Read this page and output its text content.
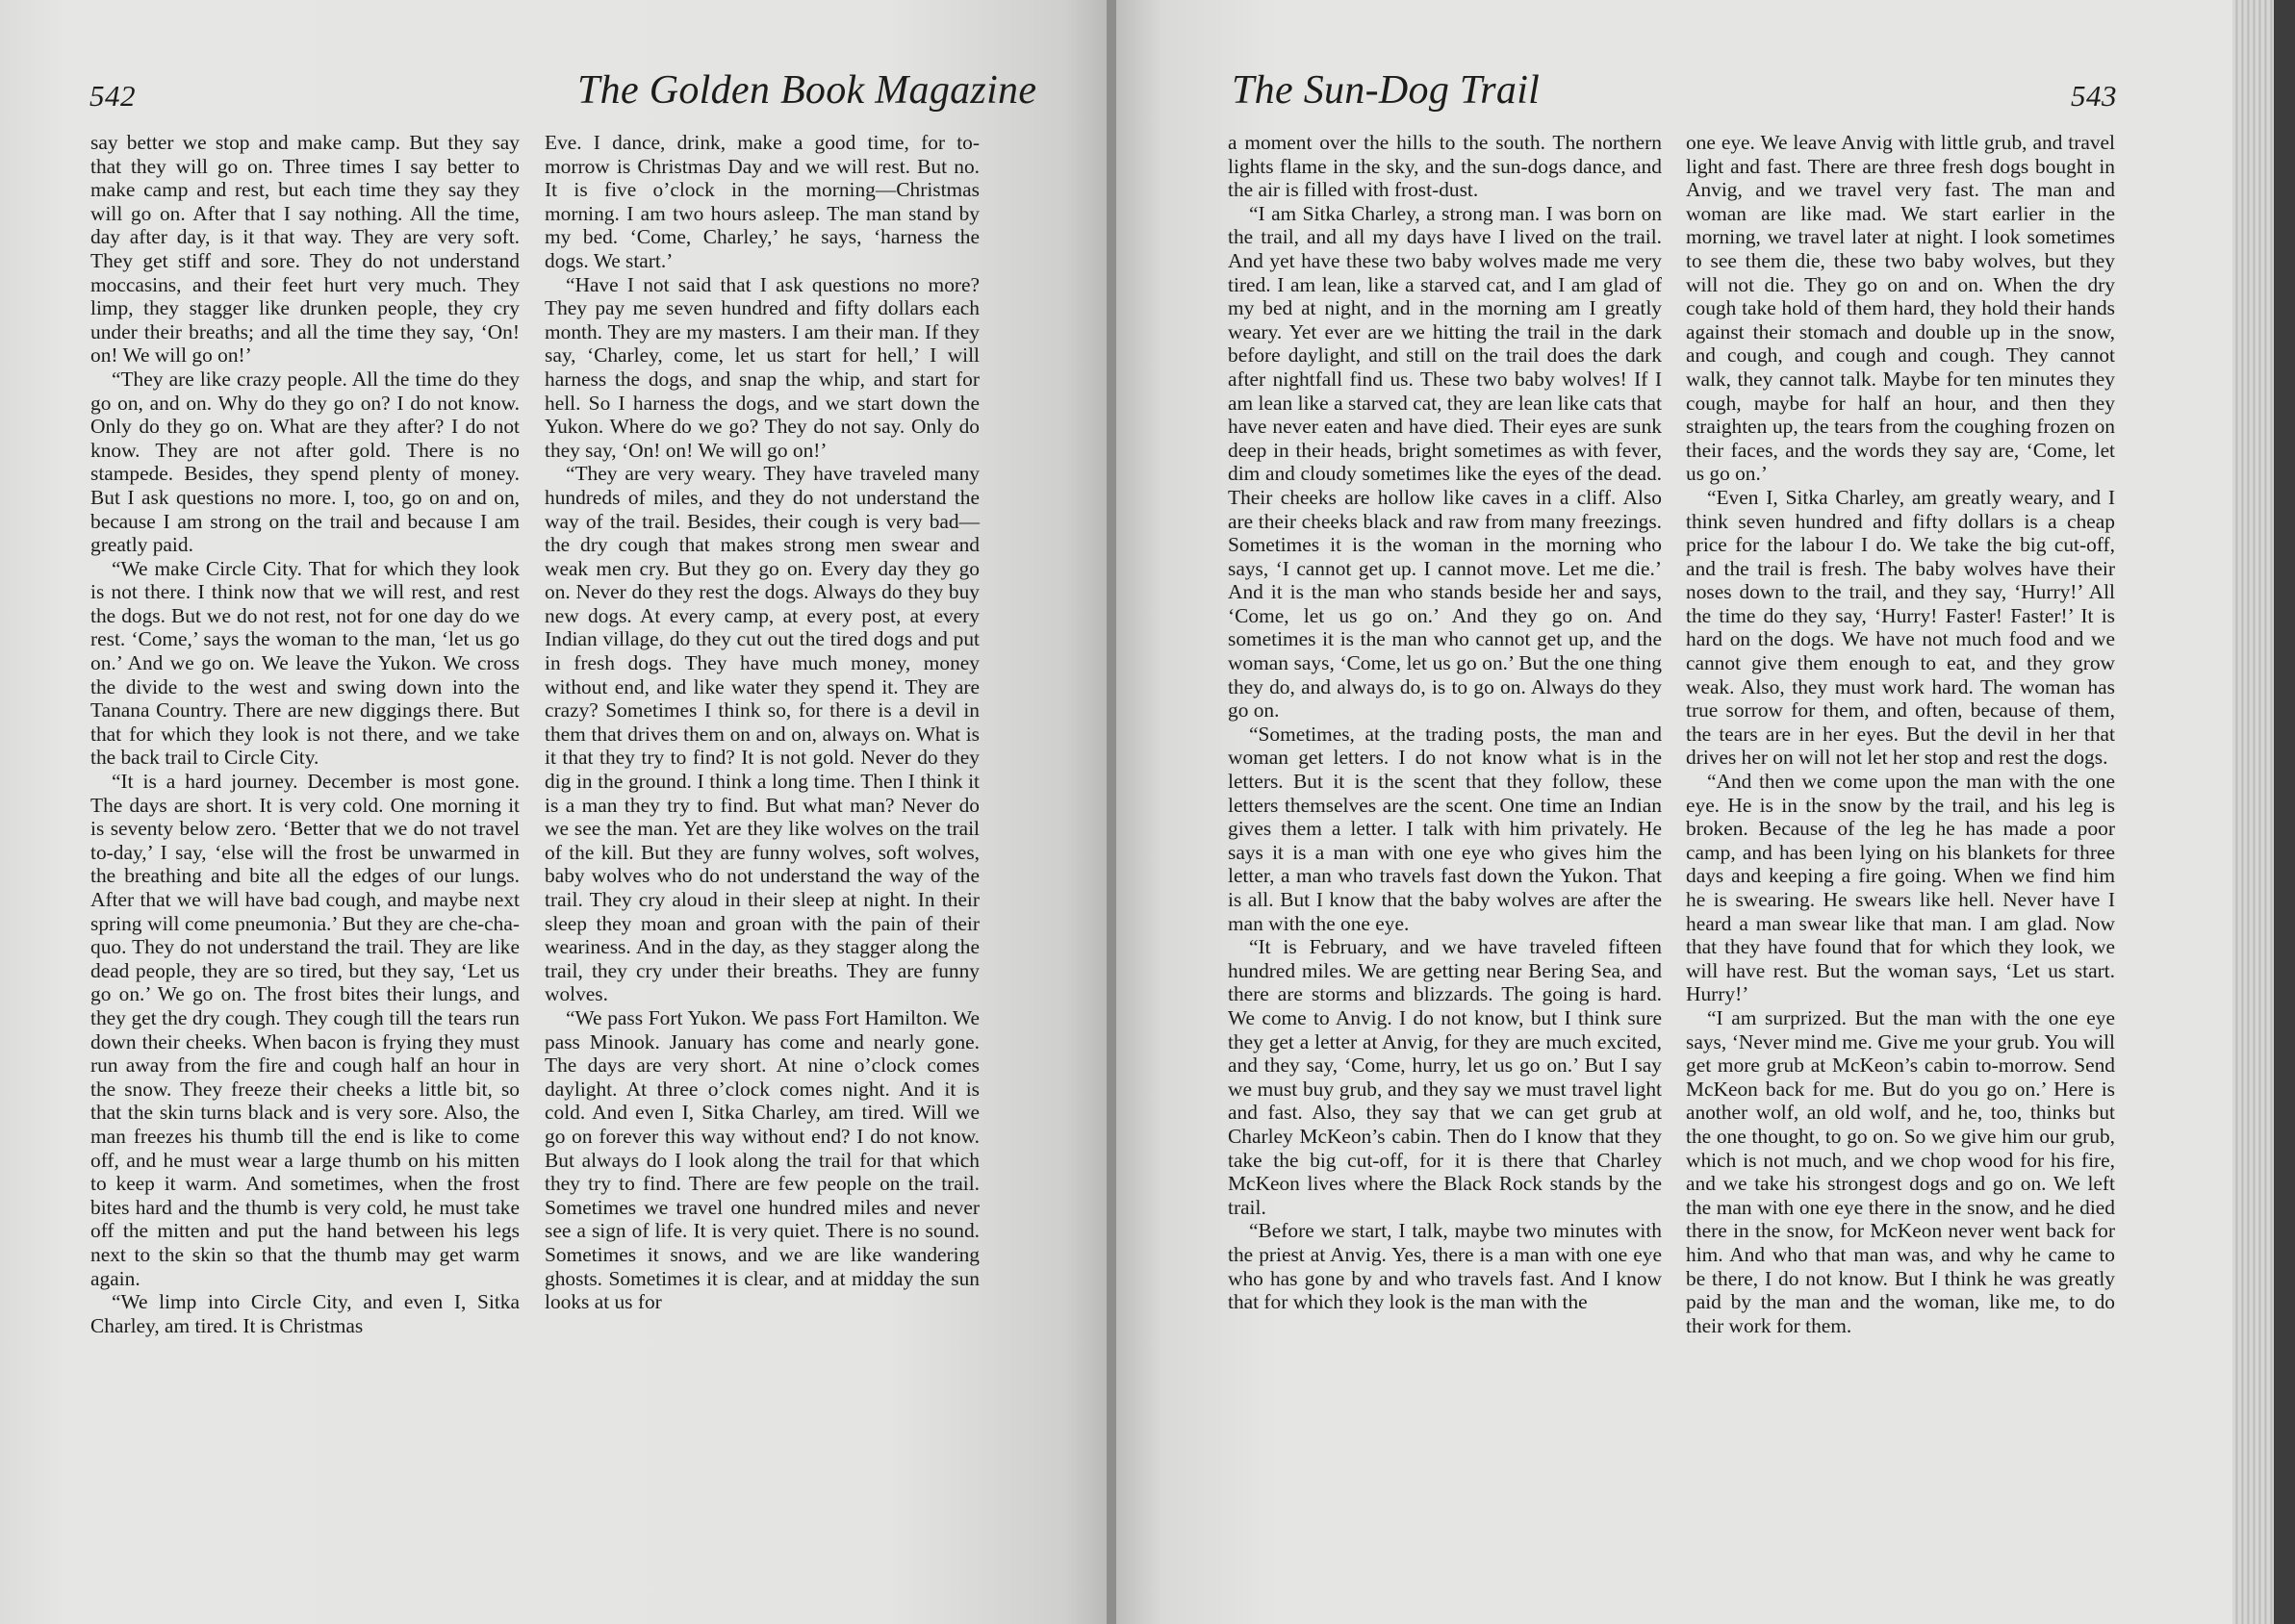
542	The Golden Book Magazine

say better we stop and make camp. But they say that they will go on. Three times I say better to make camp and rest, but each time they say they will go on. After that I say nothing. All the time, day after day, is it that way. They are very soft. They get stiff and sore. They do not understand moccasins, and their feet hurt very much. They limp, they stagger like drunken people, they cry under their breaths; and all the time they say, ‘On! on! We will go on!’

“They are like crazy people. All the time do they go on, and on. Why do they go on? I do not know. Only do they go on. What are they after? I do not know. They are not after gold. There is no stampede. Besides, they spend plenty of money. But I ask questions no more. I, too, go on and on, because I am strong on the trail and because I am greatly paid.

“We make Circle City. That for which they look is not there. I think now that we will rest, and rest the dogs. But we do not rest, not for one day do we rest. ‘Come,’ says the woman to the man, ‘let us go on.’ And we go on. We leave the Yukon. We cross the divide to the west and swing down into the Tanana Country. There are new diggings there. But that for which they look is not there, and we take the back trail to Circle City.

“It is a hard journey. December is most gone. The days are short. It is very cold. One morning it is seventy below zero. ‘Better that we do not travel to-day,’ I say, ‘else will the frost be unwarmed in the breathing and bite all the edges of our lungs. After that we will have bad cough, and maybe next spring will come pneumonia.’ But they are che-cha-quo. They do not understand the trail. They are like dead people, they are so tired, but they say, ‘Let us go on.’ We go on. The frost bites their lungs, and they get the dry cough. They cough till the tears run down their cheeks. When bacon is frying they must run away from the fire and cough half an hour in the snow. They freeze their cheeks a little bit, so that the skin turns black and is very sore. Also, the man freezes his thumb till the end is like to come off, and he must wear a large thumb on his mitten to keep it warm. And sometimes, when the frost bites hard and the thumb is very cold, he must take off the mitten and put the hand between his legs next to the skin so that the thumb may get warm again.

“We limp into Circle City, and even I, Sitka Charley, am tired. It is Christmas

Eve. I dance, drink, make a good time, for to-morrow is Christmas Day and we will rest. But no. It is five o’clock in the morning—Christmas morning. I am two hours asleep. The man stand by my bed. ‘Come, Charley,’ he says, ‘harness the dogs. We start.’

“Have I not said that I ask questions no more? They pay me seven hundred and fifty dollars each month. They are my masters. I am their man. If they say, ‘Charley, come, let us start for hell,’ I will harness the dogs, and snap the whip, and start for hell. So I harness the dogs, and we start down the Yukon. Where do we go? They do not say. Only do they say, ‘On! on! We will go on!’

“They are very weary. They have traveled many hundreds of miles, and they do not understand the way of the trail. Besides, their cough is very bad—the dry cough that makes strong men swear and weak men cry. But they go on. Every day they go on. Never do they rest the dogs. Always do they buy new dogs. At every camp, at every post, at every Indian village, do they cut out the tired dogs and put in fresh dogs. They have much money, money without end, and like water they spend it. They are crazy? Sometimes I think so, for there is a devil in them that drives them on and on, always on. What is it that they try to find? It is not gold. Never do they dig in the ground. I think a long time. Then I think it is a man they try to find. But what man? Never do we see the man. Yet are they like wolves on the trail of the kill. But they are funny wolves, soft wolves, baby wolves who do not understand the way of the trail. They cry aloud in their sleep at night. In their sleep they moan and groan with the pain of their weariness. And in the day, as they stagger along the trail, they cry under their breaths. They are funny wolves.

“We pass Fort Yukon. We pass Fort Hamilton. We pass Minook. January has come and nearly gone. The days are very short. At nine o’clock comes daylight. At three o’clock comes night. And it is cold. And even I, Sitka Charley, am tired. Will we go on forever this way without end? I do not know. But always do I look along the trail for that which they try to find. There are few people on the trail. Sometimes we travel one hundred miles and never see a sign of life. It is very quiet. There is no sound. Sometimes it snows, and we are like wandering ghosts. Sometimes it is clear, and at midday the sun looks at us for

The Sun-Dog Trail	543

a moment over the hills to the south. The northern lights flame in the sky, and the sun-dogs dance, and the air is filled with frost-dust.

“I am Sitka Charley, a strong man. I was born on the trail, and all my days have I lived on the trail. And yet have these two baby wolves made me very tired. I am lean, like a starved cat, and I am glad of my bed at night, and in the morning am I greatly weary. Yet ever are we hitting the trail in the dark before daylight, and still on the trail does the dark after nightfall find us. These two baby wolves! If I am lean like a starved cat, they are lean like cats that have never eaten and have died. Their eyes are sunk deep in their heads, bright sometimes as with fever, dim and cloudy sometimes like the eyes of the dead. Their cheeks are hollow like caves in a cliff. Also are their cheeks black and raw from many freezings. Sometimes it is the woman in the morning who says, ‘I cannot get up. I cannot move. Let me die.’ And it is the man who stands beside her and says, ‘Come, let us go on.’ And they go on. And sometimes it is the man who cannot get up, and the woman says, ‘Come, let us go on.’ But the one thing they do, and always do, is to go on. Always do they go on.

“Sometimes, at the trading posts, the man and woman get letters. I do not know what is in the letters. But it is the scent that they follow, these letters themselves are the scent. One time an Indian gives them a letter. I talk with him privately. He says it is a man with one eye who gives him the letter, a man who travels fast down the Yukon. That is all. But I know that the baby wolves are after the man with the one eye.

“It is February, and we have traveled fifteen hundred miles. We are getting near Bering Sea, and there are storms and blizzards. The going is hard. We come to Anvig. I do not know, but I think sure they get a letter at Anvig, for they are much excited, and they say, ‘Come, hurry, let us go on.’ But I say we must buy grub, and they say we must travel light and fast. Also, they say that we can get grub at Charley McKeon’s cabin. Then do I know that they take the big cut-off, for it is there that Charley McKeon lives where the Black Rock stands by the trail.

“Before we start, I talk, maybe two minutes with the priest at Anvig. Yes, there is a man with one eye who has gone by and who travels fast. And I know that for which they look is the man with the

one eye. We leave Anvig with little grub, and travel light and fast. There are three fresh dogs bought in Anvig, and we travel very fast. The man and woman are like mad. We start earlier in the morning, we travel later at night. I look sometimes to see them die, these two baby wolves, but they will not die. They go on and on. When the dry cough take hold of them hard, they hold their hands against their stomach and double up in the snow, and cough, and cough and cough. They cannot walk, they cannot talk. Maybe for ten minutes they cough, maybe for half an hour, and then they straighten up, the tears from the coughing frozen on their faces, and the words they say are, ‘Come, let us go on.’

“Even I, Sitka Charley, am greatly weary, and I think seven hundred and fifty dollars is a cheap price for the labour I do. We take the big cut-off, and the trail is fresh. The baby wolves have their noses down to the trail, and they say, ‘Hurry!’ All the time do they say, ‘Hurry! Faster! Faster!’ It is hard on the dogs. We have not much food and we cannot give them enough to eat, and they grow weak. Also, they must work hard. The woman has true sorrow for them, and often, because of them, the tears are in her eyes. But the devil in her that drives her on will not let her stop and rest the dogs.

“And then we come upon the man with the one eye. He is in the snow by the trail, and his leg is broken. Because of the leg he has made a poor camp, and has been lying on his blankets for three days and keeping a fire going. When we find him he is swearing. He swears like hell. Never have I heard a man swear like that man. I am glad. Now that they have found that for which they look, we will have rest. But the woman says, ‘Let us start. Hurry!’

“I am surprized. But the man with the one eye says, ‘Never mind me. Give me your grub. You will get more grub at McKeon’s cabin to-morrow. Send McKeon back for me. But do you go on.’ Here is another wolf, an old wolf, and he, too, thinks but the one thought, to go on. So we give him our grub, which is not much, and we chop wood for his fire, and we take his strongest dogs and go on. We left the man with one eye there in the snow, and he died there in the snow, for McKeon never went back for him. And who that man was, and why he came to be there, I do not know. But I think he was greatly paid by the man and the woman, like me, to do their work for them.
